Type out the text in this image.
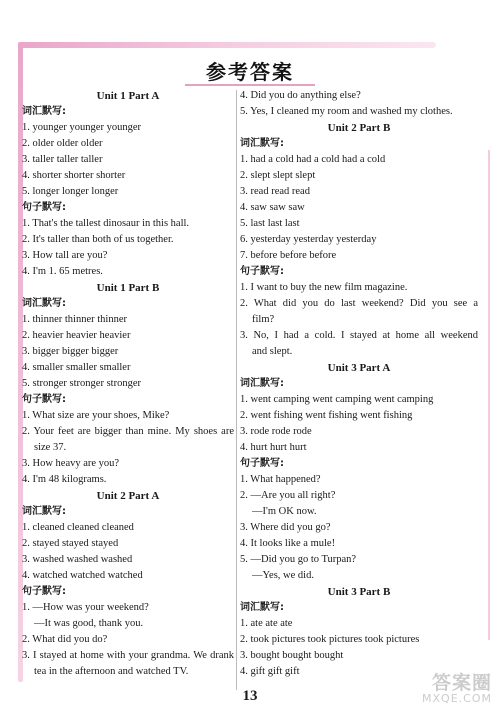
参考答案
Unit 1 Part A
词汇默写:
1. younger younger younger
2. older older older
3. taller taller taller
4. shorter shorter shorter
5. longer longer longer
句子默写:
1. That's the tallest dinosaur in this hall.
2. It's taller than both of us together.
3. How tall are you?
4. I'm 1. 65 metres.
Unit 1 Part B
词汇默写:
1. thinner thinner thinner
2. heavier heavier heavier
3. bigger bigger bigger
4. smaller smaller smaller
5. stronger stronger stronger
句子默写:
1. What size are your shoes, Mike?
2. Your feet are bigger than mine. My shoes are
size 37.
3. How heavy are you?
4. I'm 48 kilograms.
Unit 2 Part A
词汇默写:
1. cleaned cleaned cleaned
2. stayed stayed stayed
3. washed washed washed
4. watched watched watched
句子默写:
1. —How was your weekend?
—It was good, thank you.
2. What did you do?
3. I stayed at home with your grandma. We drank
tea in the afternoon and watched TV.
4. Did you do anything else?
5. Yes, I cleaned my room and washed my clothes.
Unit 2 Part B
词汇默写:
1. had a cold had a cold had a cold
2. slept slept slept
3. read read read
4. saw saw saw
5. last last last
6. yesterday yesterday yesterday
7. before before before
句子默写:
1. I want to buy the new film magazine.
2. What did you do last weekend? Did you see a
film?
3. No, I had a cold. I stayed at home all weekend
and slept.
Unit 3 Part A
词汇默写:
1. went camping went camping went camping
2. went fishing went fishing went fishing
3. rode rode rode
4. hurt hurt hurt
句子默写:
1. What happened?
2. —Are you all right?
—I'm OK now.
3. Where did you go?
4. It looks like a mule!
5. —Did you go to Turpan?
—Yes, we did.
Unit 3 Part B
词汇默写:
1. ate ate ate
2. took pictures took pictures took pictures
3. bought bought bought
4. gift gift gift
13
答案圈
MXQE.COM
